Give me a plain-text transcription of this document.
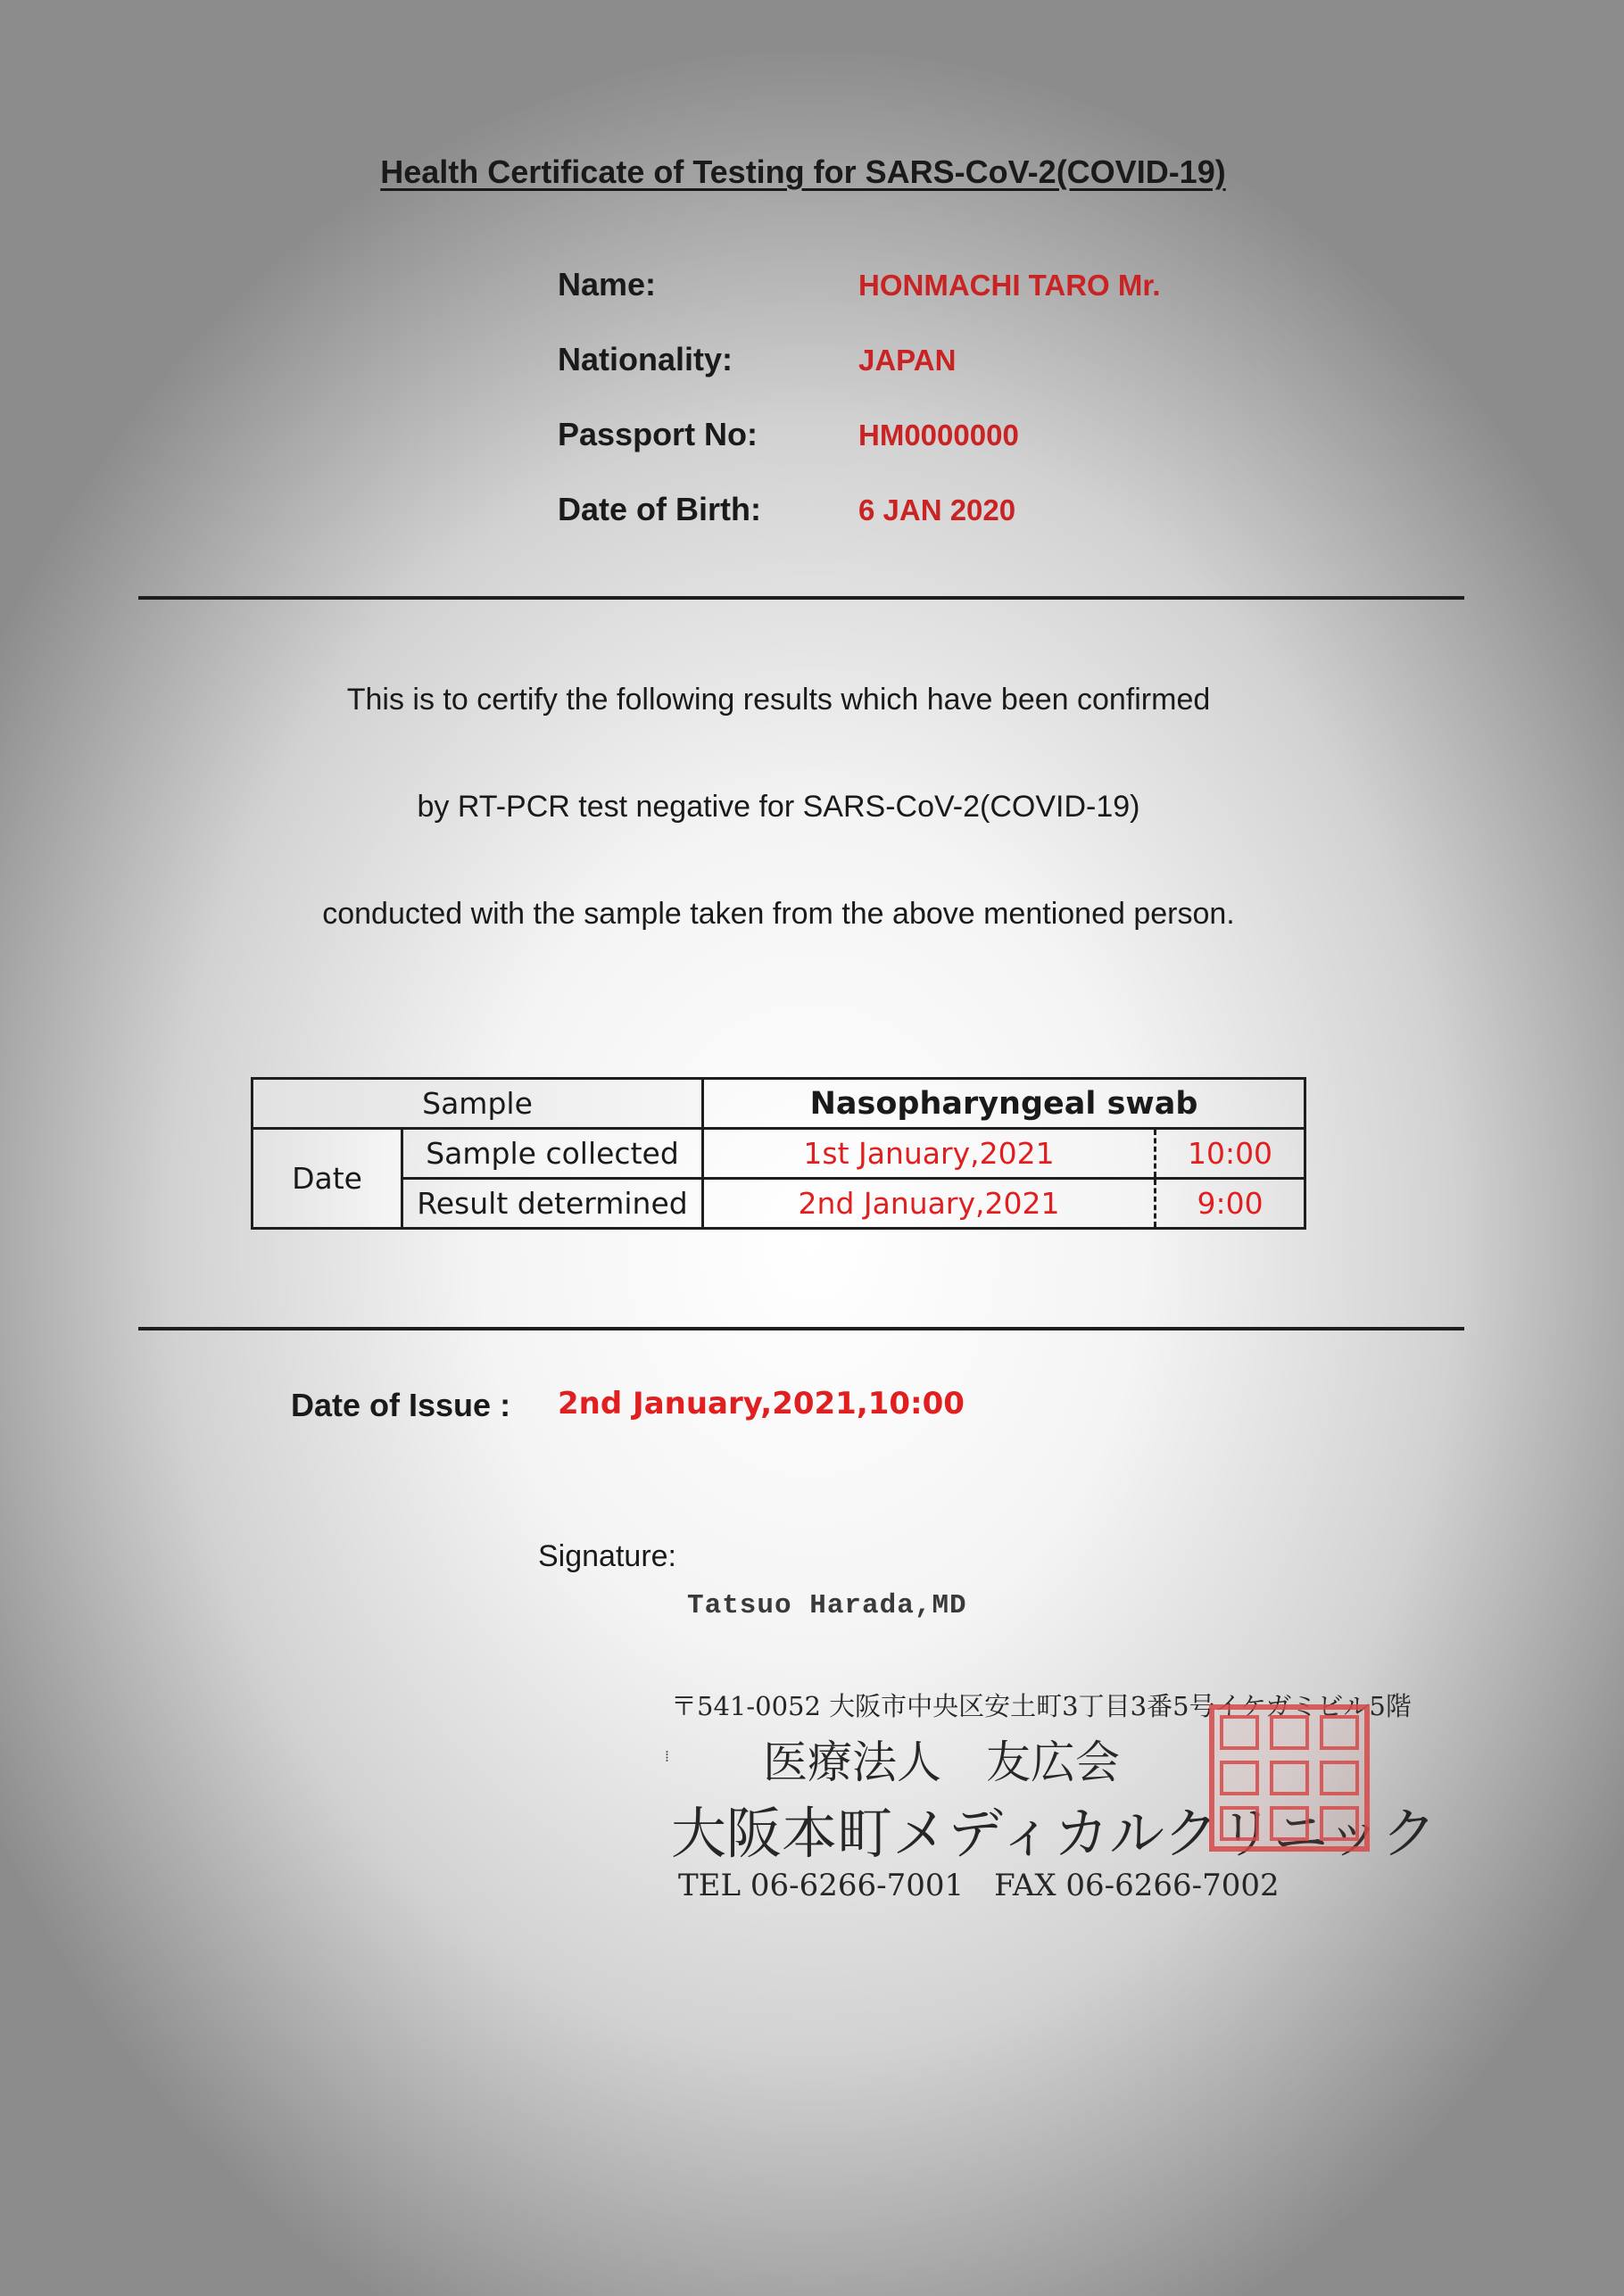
Health Certificate of Testing for SARS-CoV-2(COVID-19)
Name:	HONMACHI TARO Mr.
Nationality:	JAPAN
Passport No:	HM0000000
Date of Birth:	6 JAN 2020
This is to certify the following results which have been confirmed
by RT-PCR test negative for SARS-CoV-2(COVID-19)
conducted with the sample taken from the above mentioned person.
Sample		Nasopharyngeal swab	
Date	Sample collected	1st January,2021	10:00
	Result determined	2nd January,2021	9:00
Date of Issue : 2nd January,2021,10:00
Signature:
Tatsuo Harada,MD
〒541-0052 大阪市中央区安土町3丁目3番5号イケガミビル5階
⁞ 医療法人　友広会
大阪本町メディカルクリニック
TEL 06-6266-7001　FAX 06-6266-7002
